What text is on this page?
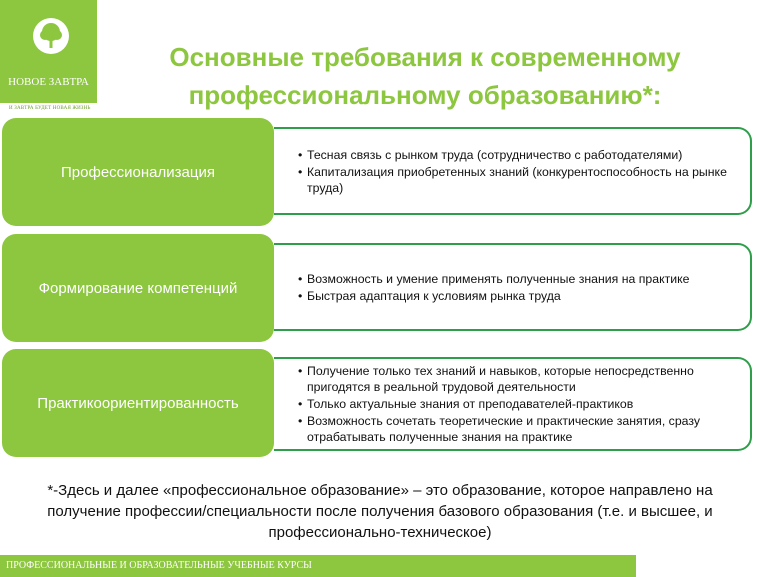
НОВОЕ ЗАВТРА
И ЗАВТРА БУДЕТ НОВАЯ ЖИЗНЬ
Основные требования к современному
профессиональному образованию*:
• Тесная связь с рынком труда (сотрудничество с работодателями)
• Капитализация приобретенных знаний (конкурентоспособность на рынке труда)
Профессионализация
• Возможность и умение применять полученные знания на практике
• Быстрая адаптация к условиям рынка труда
Формирование компетенций
• Получение только тех знаний и навыков, которые непосредственно пригодятся в реальной трудовой деятельности
• Только актуальные знания от преподавателей-практиков
• Возможность сочетать теоретические и практические занятия, сразу отрабатывать полученные знания на практике
Практикоориентированность
*-Здесь и далее «профессиональное образование» – это образование, которое направлено на получение профессии/специальности после получения базового образования (т.е. и высшее, и профессионально-техническое)
ПРОФЕССИОНАЛЬНЫЕ И ОБРАЗОВАТЕЛЬНЫЕ УЧЕБНЫЕ КУРСЫ
